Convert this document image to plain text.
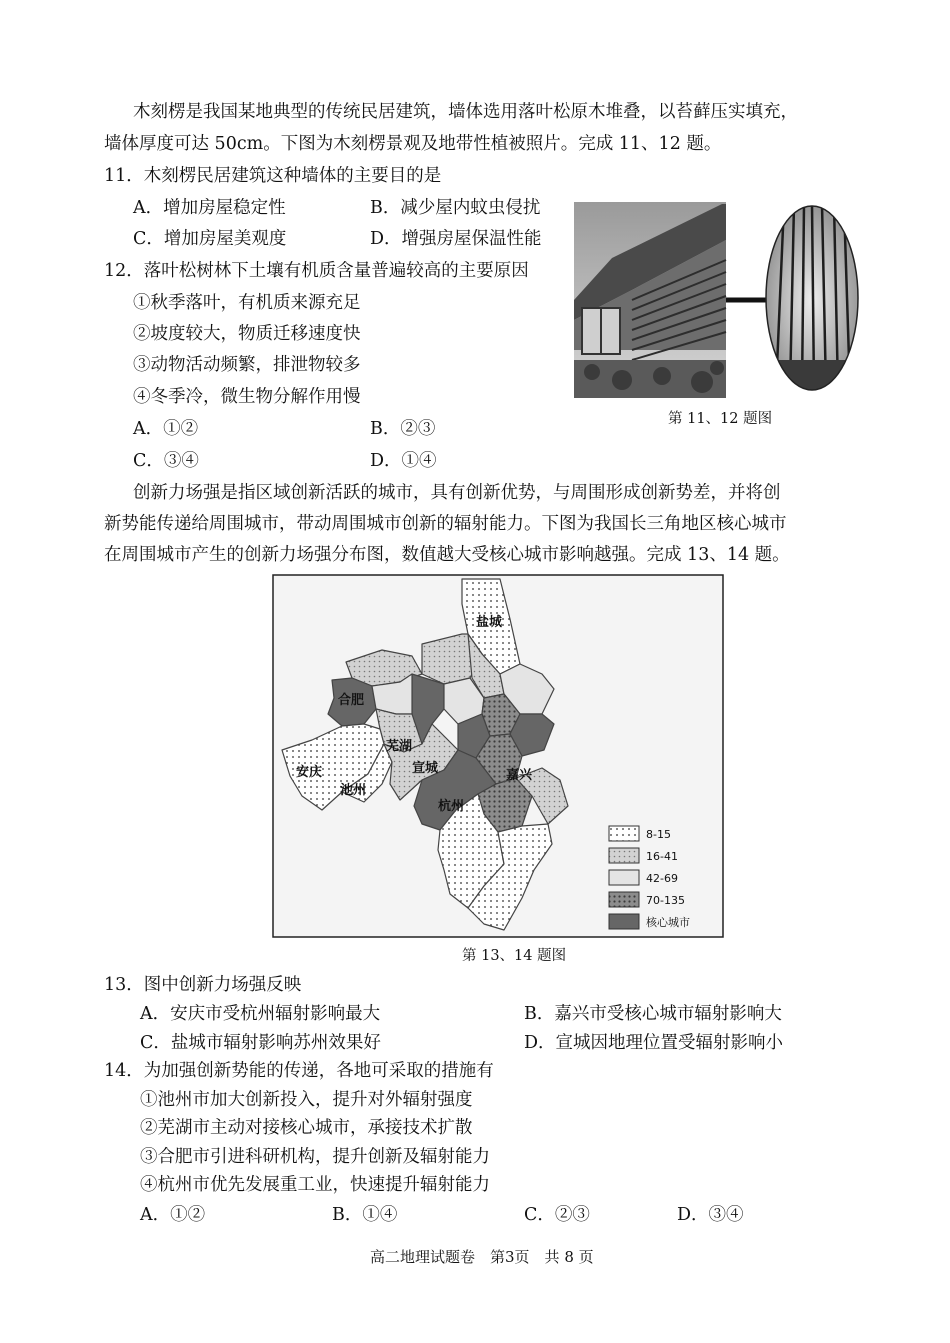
木刻楞是我国某地典型的传统民居建筑，墙体选用落叶松原木堆叠，以苔藓压实填充，
墙体厚度可达 50cm。下图为木刻楞景观及地带性植被照片。完成 11、12 题。
11．木刻楞民居建筑这种墙体的主要目的是
A．增加房屋稳定性	B．减少屋内蚊虫侵扰
C．增加房屋美观度	D．增强房屋保温性能
12．落叶松树林下土壤有机质含量普遍较高的主要原因
①秋季落叶，有机质来源充足
②坡度较大，物质迁移速度快
③动物活动频繁，排泄物较多
④冬季冷，微生物分解作用慢
A．①②	B．②③
C．③④	D．①④
第 11、12 题图
创新力场强是指区域创新活跃的城市，具有创新优势，与周围形成创新势差，并将创
新势能传递给周围城市，带动周围城市创新的辐射能力。下图为我国长三角地区核心城市
在周围城市产生的创新力场强分布图，数值越大受核心城市影响越强。完成 13、14 题。
盐城
合肥
芜湖
安庆	宣城
池州
嘉兴
杭州
8-15
16-41
42-69
70-135
核心城市
第 13、14 题图
13．图中创新力场强反映
A．安庆市受杭州辐射影响最大	B．嘉兴市受核心城市辐射影响大
C．盐城市辐射影响苏州效果好	D．宣城因地理位置受辐射影响小
14．为加强创新势能的传递，各地可采取的措施有
①池州市加大创新投入，提升对外辐射强度
②芜湖市主动对接核心城市，承接技术扩散
③合肥市引进科研机构，提升创新及辐射能力
④杭州市优先发展重工业，快速提升辐射能力
A．①②	B．①④	C．②③	D．③④
高二地理试题卷　第3页　共 8 页
